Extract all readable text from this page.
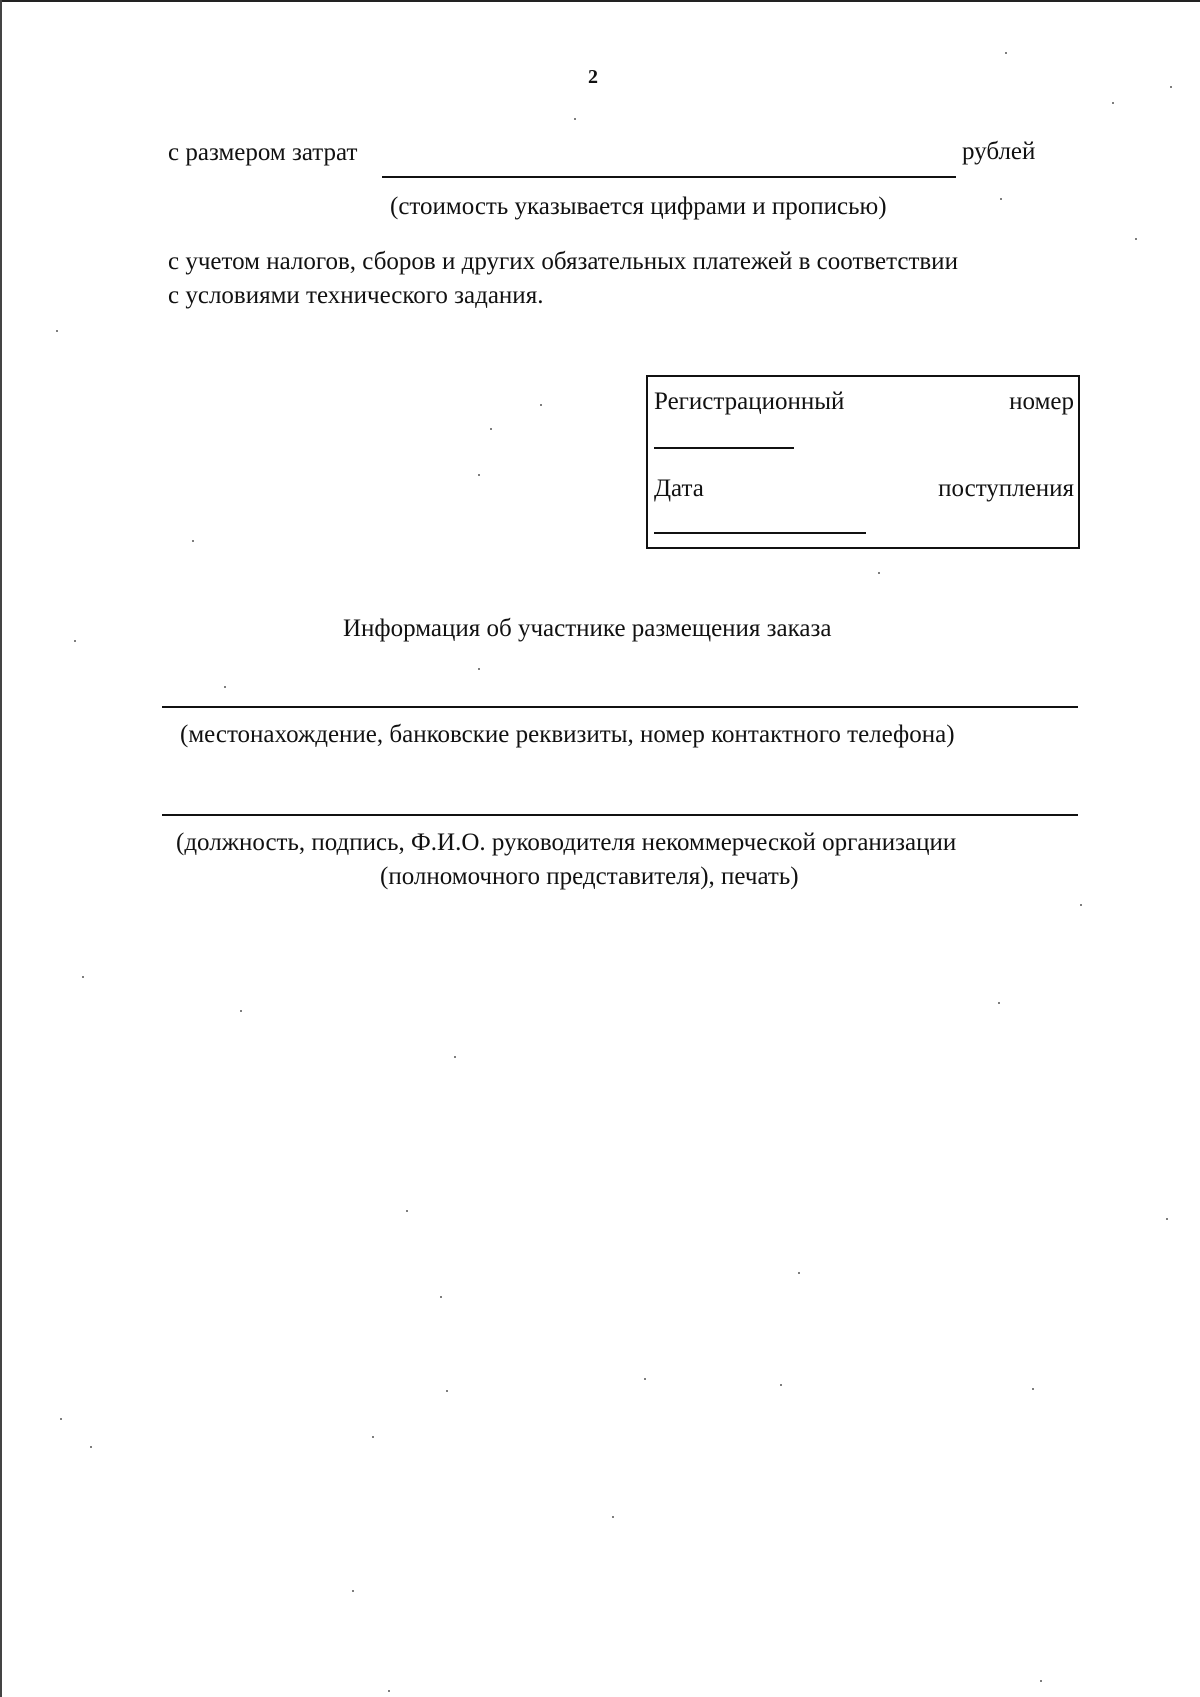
2
с размером затрат	рублей
(стоимость указывается цифрами и прописью)
с учетом налогов, сборов и других обязательных платежей в соответствии
с условиями технического задания.
Регистрационный	номер
Дата	поступления
Информация об участнике размещения заказа
(местонахождение, банковские реквизиты, номер контактного телефона)
(должность, подпись, Ф.И.О. руководителя некоммерческой организации
(полномочного представителя), печать)
